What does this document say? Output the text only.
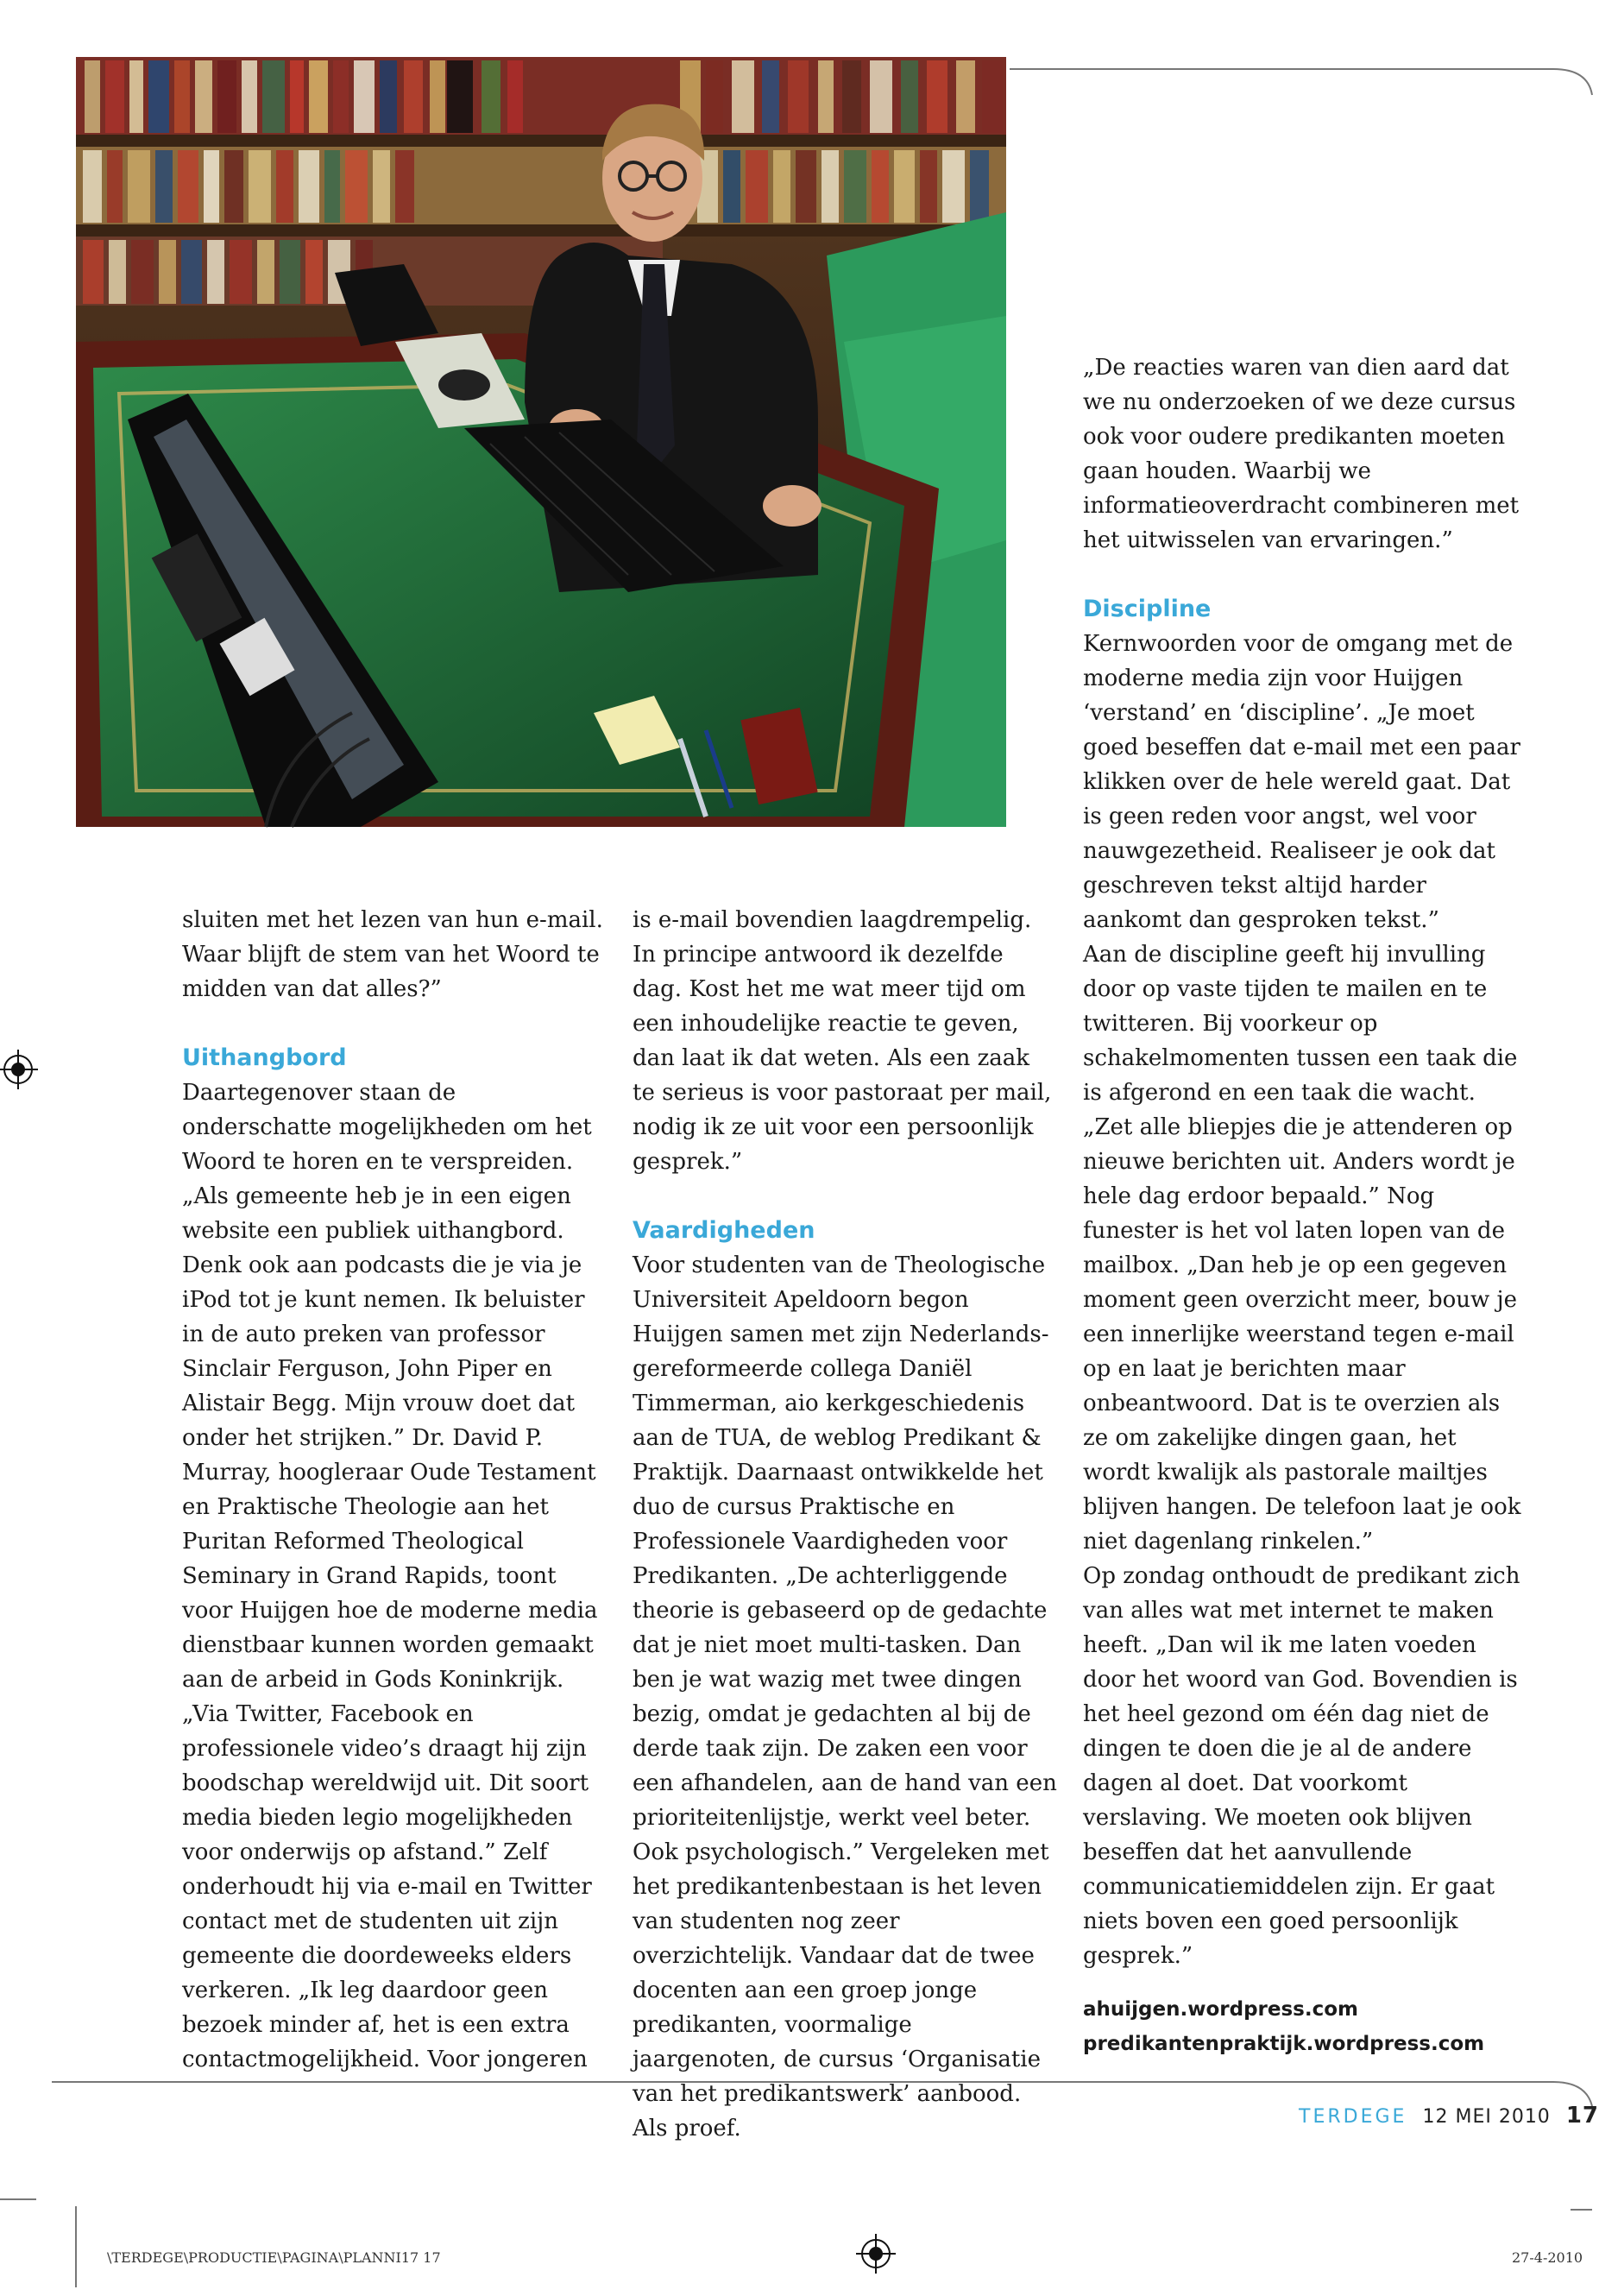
sluiten met het lezen van hun e-mail. Waar blijft de stem van het Woord te midden van dat alles?”

Uithangbord

Daartegenover staan de onderschatte mogelijkheden om het Woord te horen en te verspreiden. „Als gemeente heb je in een eigen website een publiek uithangbord. Denk ook aan podcasts die je via je iPod tot je kunt nemen. Ik beluister in de auto preken van professor Sinclair Ferguson, John Piper en Alistair Begg. Mijn vrouw doet dat onder het strijken.” Dr. David P. Murray, hoogleraar Oude Testament en Praktische Theologie aan het Puritan Reformed Theological Seminary in Grand Rapids, toont voor Huijgen hoe de moderne media dienstbaar kunnen worden gemaakt aan de arbeid in Gods Koninkrijk. „Via Twitter, Facebook en professionele video’s draagt hij zijn boodschap wereldwijd uit. Dit soort media bieden legio mogelijkheden voor onderwijs op afstand.” Zelf onderhoudt hij via e-mail en Twitter contact met de studenten uit zijn gemeente die doordeweeks elders verkeren. „Ik leg daardoor geen bezoek minder af, het is een extra contactmogelijkheid. Voor jongeren

is e-mail bovendien laagdrempelig. In principe antwoord ik dezelfde dag. Kost het me wat meer tijd om een inhoudelijke reactie te geven, dan laat ik dat weten. Als een zaak te serieus is voor pastoraat per mail, nodig ik ze uit voor een persoonlijk gesprek.”

Vaardigheden

Voor studenten van de Theologische Universiteit Apeldoorn begon Huijgen samen met zijn Nederlands-gereformeerde collega Daniël Timmerman, aio kerkgeschiedenis aan de TUA, de weblog Predikant & Praktijk. Daarnaast ontwikkelde het duo de cursus Praktische en Professionele Vaardigheden voor Predikanten. „De achterliggende theorie is gebaseerd op de gedachte dat je niet moet multi-tasken. Dan ben je wat wazig met twee dingen bezig, omdat je gedachten al bij de derde taak zijn. De zaken een voor een afhandelen, aan de hand van een prioriteitenlijstje, werkt veel beter. Ook psychologisch.” Vergeleken met het predikantenbestaan is het leven van studenten nog zeer overzichtelijk. Vandaar dat de twee docenten aan een groep jonge predikanten, voormalige jaargenoten, de cursus ‘Organisatie van het predikantswerk’ aanbood. Als proef.

„De reacties waren van dien aard dat we nu onderzoeken of we deze cursus ook voor oudere predikanten moeten gaan houden. Waarbij we informatieoverdracht combineren met het uitwisselen van ervaringen.”

Discipline

Kernwoorden voor de omgang met de moderne media zijn voor Huijgen ‘verstand’ en ‘discipline’. „Je moet goed beseffen dat e-mail met een paar klikken over de hele wereld gaat. Dat is geen reden voor angst, wel voor nauwgezetheid. Realiseer je ook dat geschreven tekst altijd harder aankomt dan gesproken tekst.”

Aan de discipline geeft hij invulling door op vaste tijden te mailen en te twitteren. Bij voorkeur op schakelmomenten tussen een taak die is afgerond en een taak die wacht. „Zet alle bliepjes die je attenderen op nieuwe berichten uit. Anders wordt je hele dag erdoor bepaald.” Nog funester is het vol laten lopen van de mailbox. „Dan heb je op een gegeven moment geen overzicht meer, bouw je een innerlijke weerstand tegen e-mail op en laat je berichten maar onbeantwoord. Dat is te overzien als ze om zakelijke dingen gaan, het wordt kwalijk als pastorale mailtjes blijven hangen. De telefoon laat je ook niet dagenlang rinkelen.”

Op zondag onthoudt de predikant zich van alles wat met internet te maken heeft. „Dan wil ik me laten voeden door het woord van God. Bovendien is het heel gezond om één dag niet de dingen te doen die je al de andere dagen al doet. Dat voorkomt verslaving. We moeten ook blijven beseffen dat het aanvullende communicatiemiddelen zijn. Er gaat niets boven een goed persoonlijk gesprek.”

ahuijgen.wordpress.com

predikantenpraktijk.wordpress.com

TERDEGE 12 MEI 2010 17
\TERDEGE\PRODUCTIE\PAGINA\PLANNI17 17	27-4-2010
